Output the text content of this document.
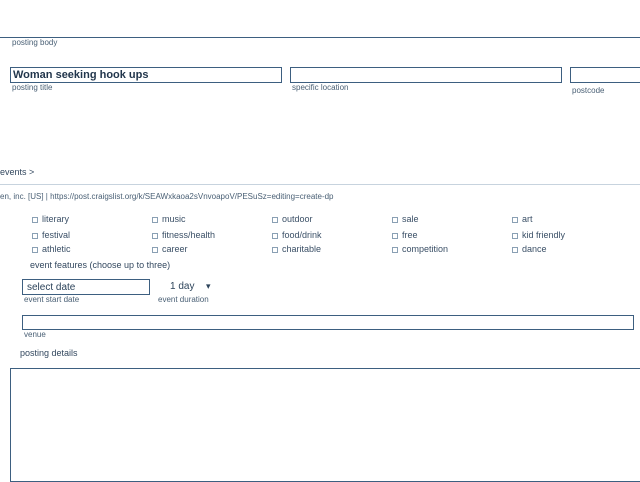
posting body
Woman seeking hook ups
posting title	specific location	postcode
events >
en, inc. [US] | https://post.craigslist.org/k/SEAWxkaoa2sVnvoapoV/PESuSz=editing=create-dp
literary	music	outdoor	sale	art
festival	fitness/health	food/drink	free	kid friendly
athletic	career	charitable	competition	dance
event features (choose up to three)
select date
event start date
1 day ▾
event duration
venue
posting details
